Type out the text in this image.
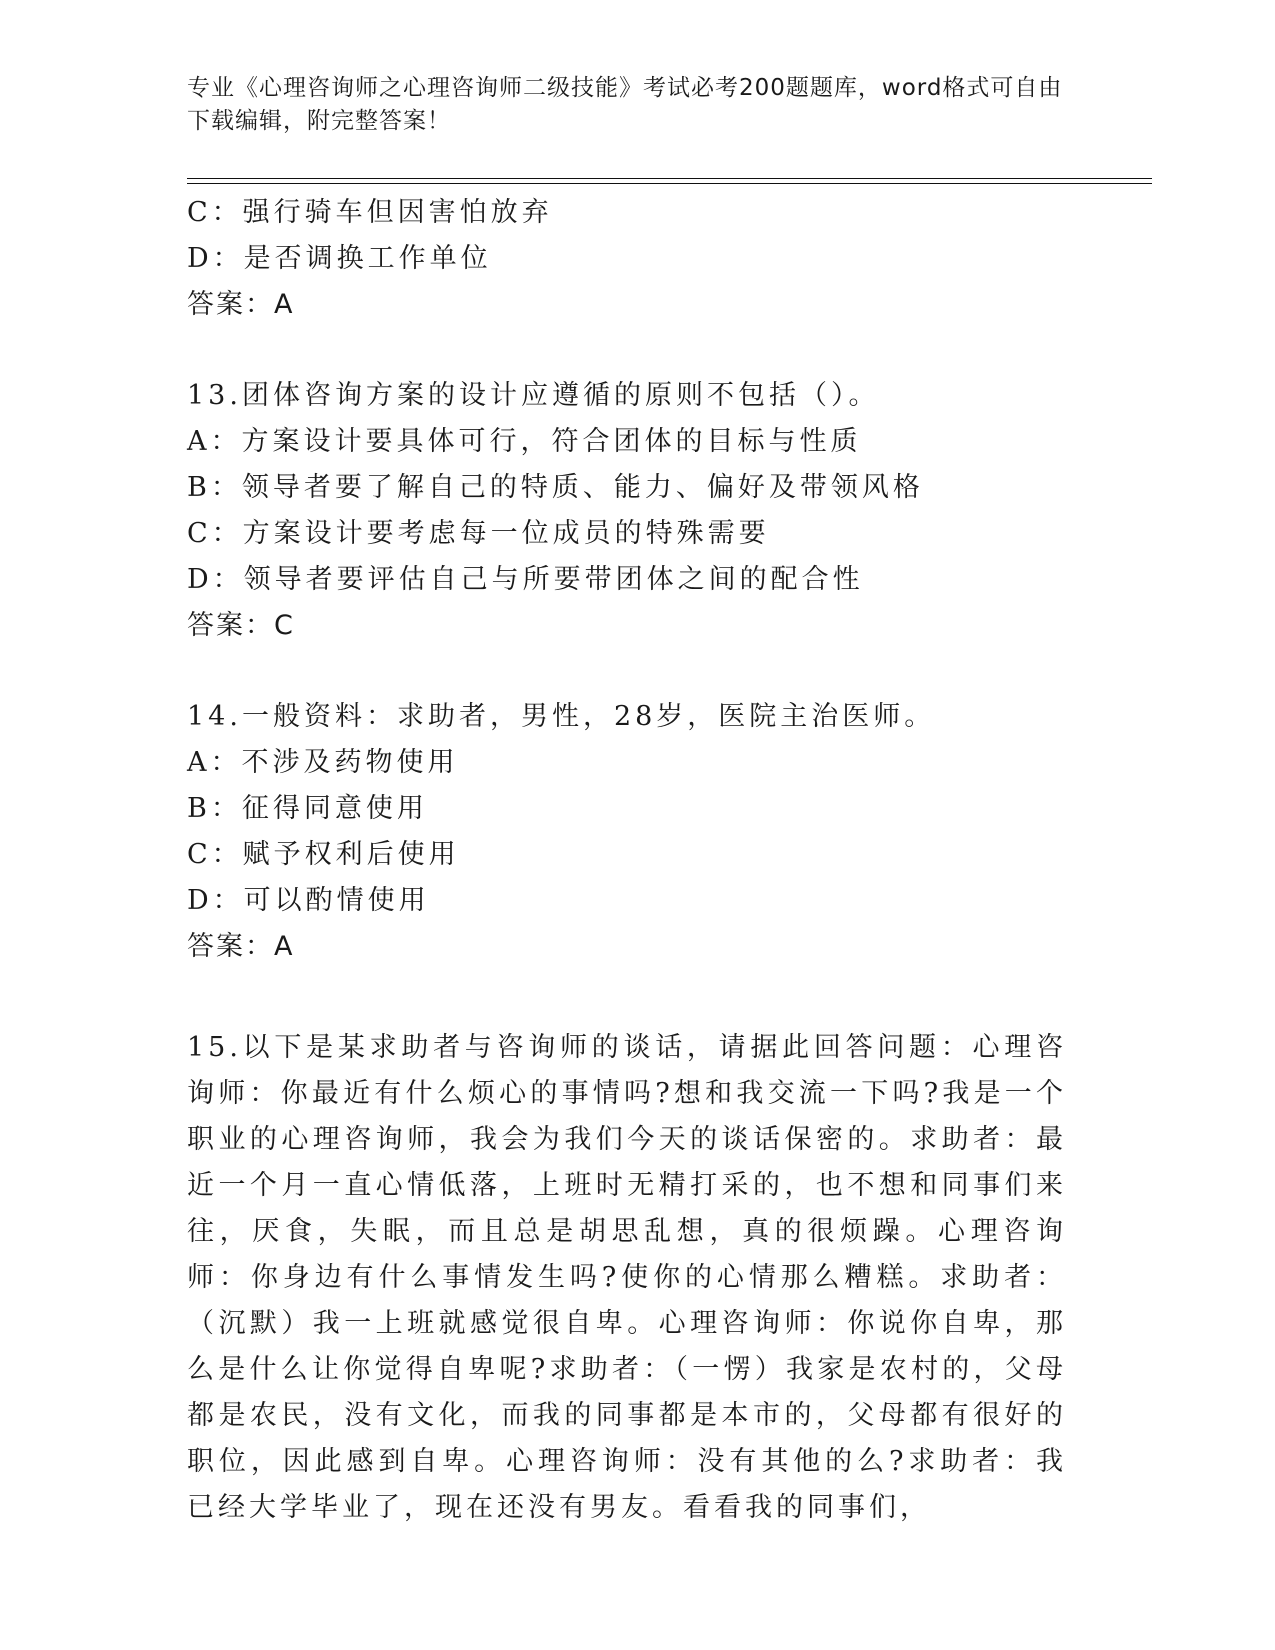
专业《心理咨询师之心理咨询师二级技能》考试必考200题题库，word格式可自由下载编辑，附完整答案！
C：强行骑车但因害怕放弃
D：是否调换工作单位
答案：A
13.团体咨询方案的设计应遵循的原则不包括（）。
A：方案设计要具体可行，符合团体的目标与性质
B：领导者要了解自己的特质、能力、偏好及带领风格
C：方案设计要考虑每一位成员的特殊需要
D：领导者要评估自己与所要带团体之间的配合性
答案：C
14.一般资料：求助者，男性，28岁，医院主治医师。
A：不涉及药物使用
B：征得同意使用
C：赋予权利后使用
D：可以酌情使用
答案：A
15.以下是某求助者与咨询师的谈话，请据此回答问题：心理咨询师：你最近有什么烦心的事情吗?想和我交流一下吗?我是一个职业的心理咨询师，我会为我们今天的谈话保密的。求助者：最近一个月一直心情低落，上班时无精打采的，也不想和同事们来往，厌食，失眠，而且总是胡思乱想，真的很烦躁。心理咨询师：你身边有什么事情发生吗?使你的心情那么糟糕。求助者：（沉默）我一上班就感觉很自卑。心理咨询师：你说你自卑，那么是什么让你觉得自卑呢?求助者：（一愣）我家是农村的，父母都是农民，没有文化，而我的同事都是本市的，父母都有很好的职位，因此感到自卑。心理咨询师：没有其他的么?求助者：我已经大学毕业了，现在还没有男友。看看我的同事们，
